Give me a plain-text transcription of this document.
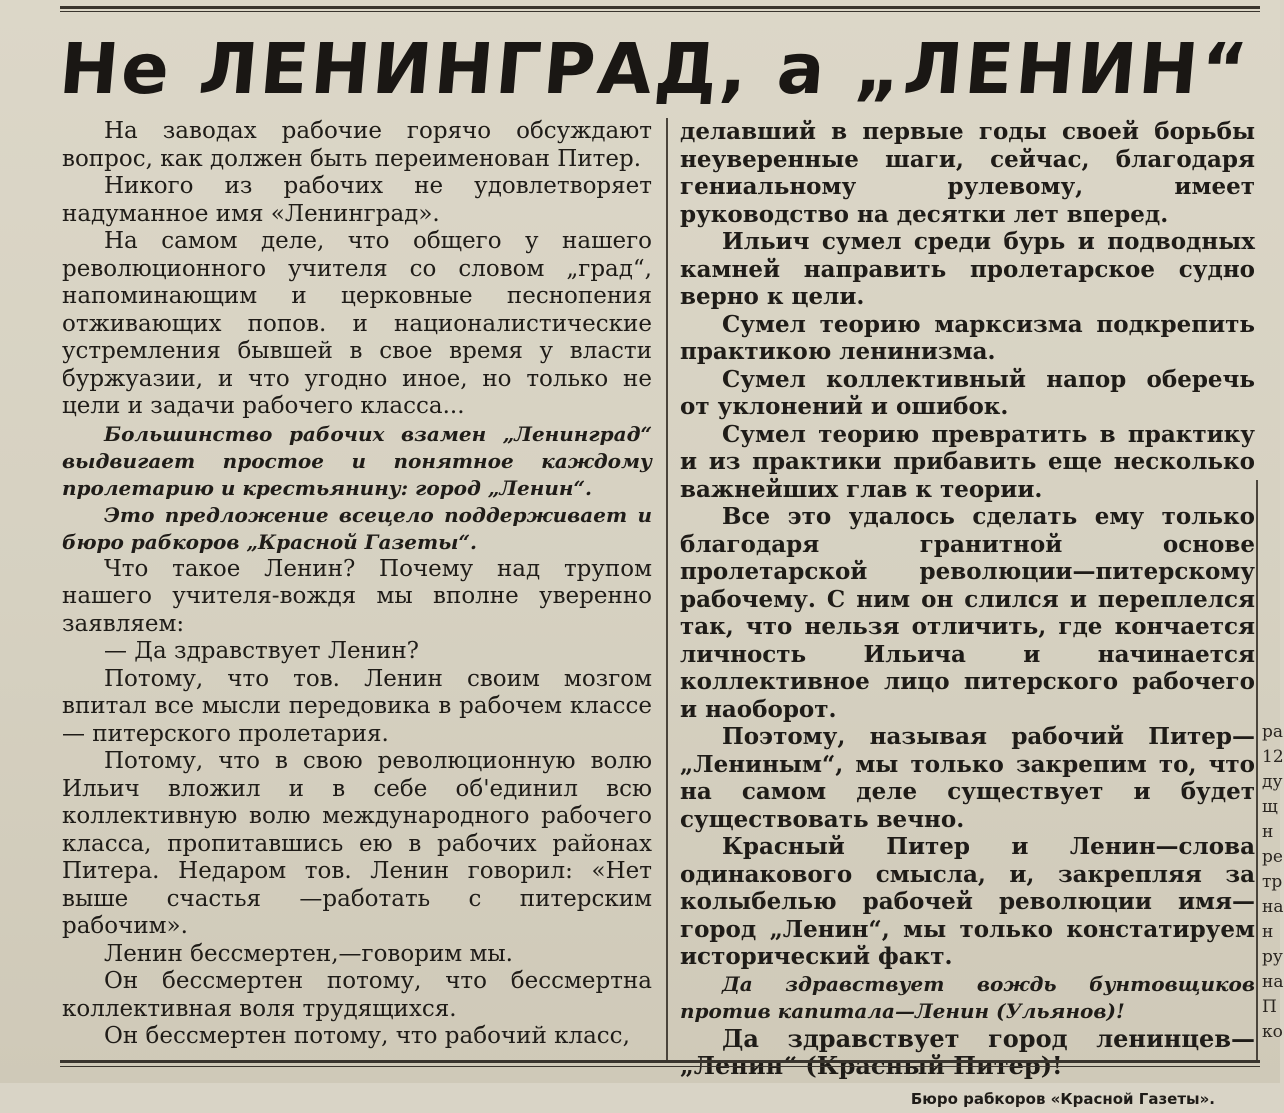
Не ЛЕНИНГРАД, а „ЛЕНИН“

На заводах рабочие горячо обсуждают вопрос, как должен быть переименован Питер.

Никого из рабочих не удовлетворяет надуманное имя «Ленинград».

На самом деле, что общего у нашего революционного учителя со словом „град“, напоминающим и церковные песнопения отживающих попов. и националистические устремления бывшей в свое время у власти буржуазии, и что угодно иное, но только не цели и задачи рабочего класса...

Большинство рабочих взамен „Ленинград“ выдвигает простое и понятное каждому пролетарию и крестьянину: город „Ленин“.

Это предложение всецело поддерживает и бюро рабкоров „Красной Газеты“.

Что такое Ленин? Почему над трупом нашего учителя-вождя мы вполне уверенно заявляем:

— Да здравствует Ленин?

Потому, что тов. Ленин своим мозгом впитал все мысли передовика в рабочем классе— питерского пролетария.

Потому, что в свою революционную волю Ильич вложил и в себе об'единил всю коллективную волю международного рабочего класса, пропитавшись ею в рабочих районах Питера. Недаром тов. Ленин говорил: «Нет выше счастья —работать с питерским рабочим».

Ленин бессмертен,—говорим мы.

Он бессмертен потому, что бессмертна коллективная воля трудящихся.

Он бессмертен потому, что рабочий класс,

делавший в первые годы своей борьбы неуверенные шаги, сейчас, благодаря гениальному рулевому, имеет руководство на десятки лет вперед.

Ильич сумел среди бурь и подводных камней направить пролетарское судно верно к цели.

Сумел теорию марксизма подкрепить практикою ленинизма.

Сумел коллективный напор оберечь от уклонений и ошибок.

Сумел теорию превратить в практику и из практики прибавить еще несколько важнейших глав к теории.

Все это удалось сделать ему только благодаря гранитной основе пролетарской революции—питерскому рабочему. С ним он слился и переплелся так, что нельзя отличить, где кончается личность Ильича и начинается коллективное лицо питерского рабочего и наоборот.

Поэтому, называя рабочий Питер—„Лениным“, мы только закрепим то, что на самом деле существует и будет существовать вечно.

Красный Питер и Ленин—слова одинакового смысла, и, закрепляя за колыбелью рабочей революции имя—город „Ленин“, мы только констатируем исторический факт.

Да здравствует вождь бунтовщиков против капитала—Ленин (Ульянов)!

Да здравствует город ленинцев—

Бюро рабкоров «Красной Газеты».

ра
12
ду
щ
н
ре
тр
на
н
ру
на
П
ко
